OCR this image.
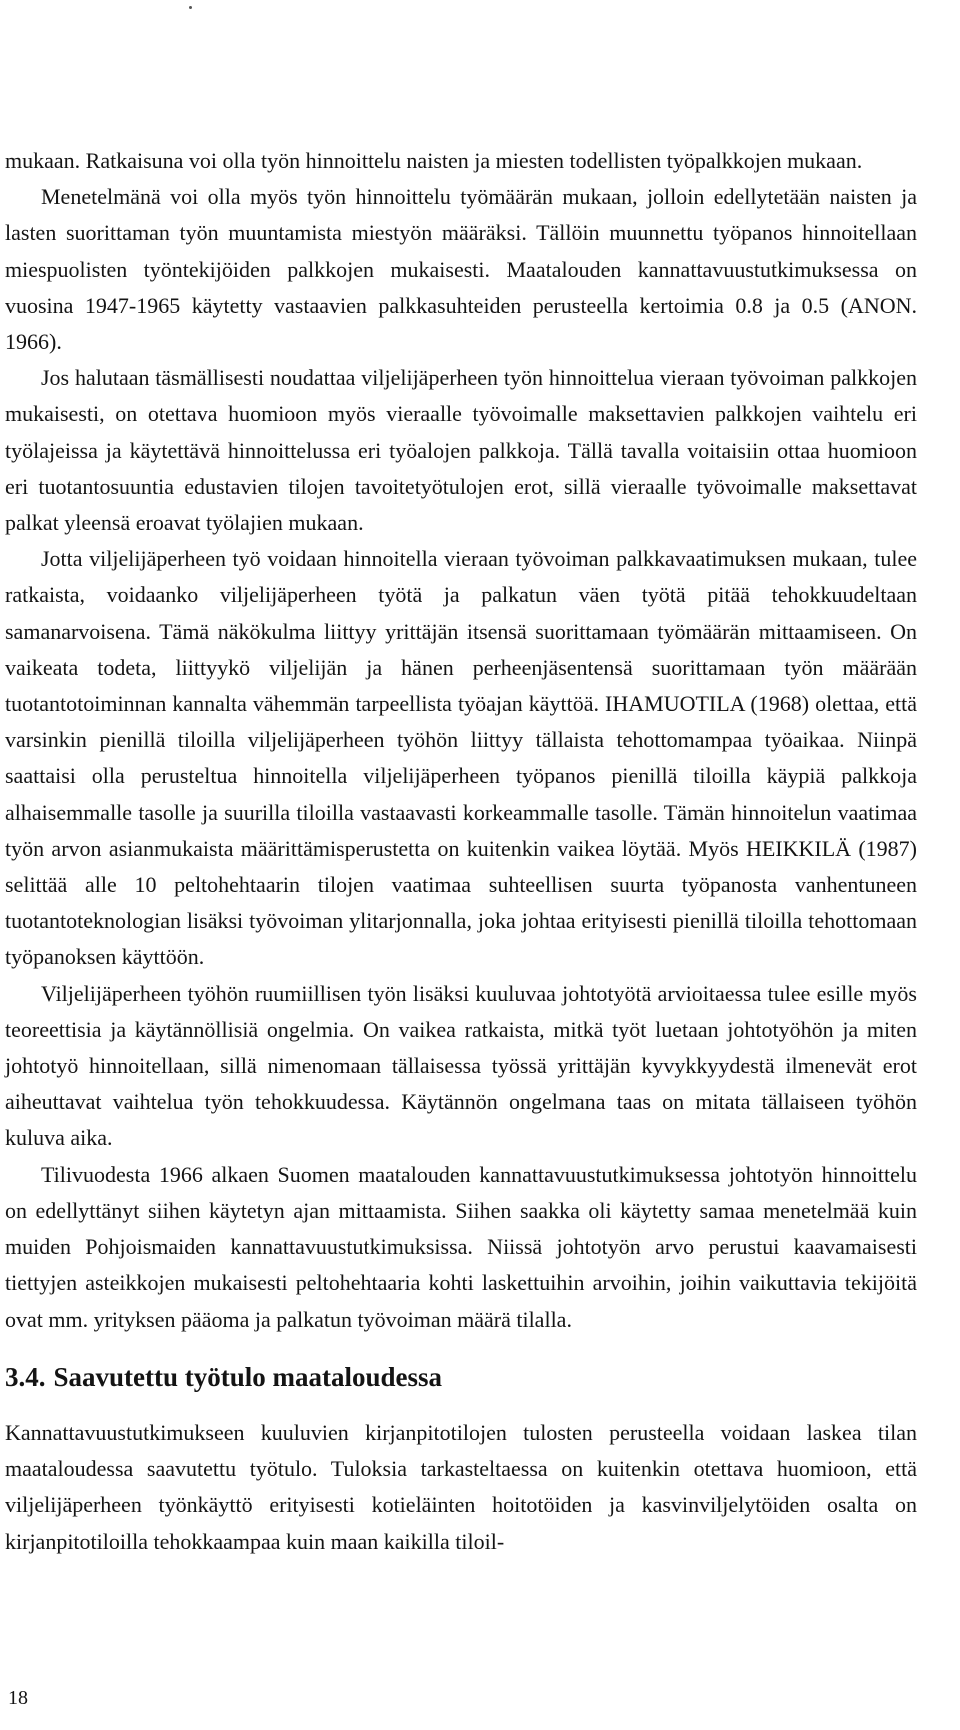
mukaan. Ratkaisuna voi olla työn hinnoittelu naisten ja miesten todellisten työpalkkojen mukaan.

Menetelmänä voi olla myös työn hinnoittelu työmäärän mukaan, jolloin edellytetään naisten ja lasten suorittaman työn muuntamista miestyön määräksi. Tällöin muunnettu työpanos hinnoitellaan miespuolisten työntekijöiden palkkojen mukaisesti. Maatalouden kannattavuustutkimuksessa on vuosina 1947-1965 käytetty vastaavien palkkasuhteiden perusteella kertoimia 0.8 ja 0.5 (ANON. 1966).

Jos halutaan täsmällisesti noudattaa viljelijäperheen työn hinnoittelua vieraan työvoiman palkkojen mukaisesti, on otettava huomioon myös vieraalle työvoimalle maksettavien palkkojen vaihtelu eri työlajeissa ja käytettävä hinnoittelussa eri työalojen palkkoja. Tällä tavalla voitaisiin ottaa huomioon eri tuotantosuuntia edustavien tilojen tavoitetyötulojen erot, sillä vieraalle työvoimalle maksettavat palkat yleensä eroavat työlajien mukaan.

Jotta viljelijäperheen työ voidaan hinnoitella vieraan työvoiman palkkavaatimuksen mukaan, tulee ratkaista, voidaanko viljelijäperheen työtä ja palkatun väen työtä pitää tehokkuudeltaan samanarvoisena. Tämä näkökulma liittyy yrittäjän itsensä suorittamaan työmäärän mittaamiseen. On vaikeata todeta, liittyykö viljelijän ja hänen perheenjäsentensä suorittamaan työn määrään tuotantotoiminnan kannalta vähemmän tarpeellista työajan käyttöä. IHAMUOTILA (1968) olettaa, että varsinkin pienillä tiloilla viljelijäperheen työhön liittyy tällaista tehottomampaa työaikaa. Niinpä saattaisi olla perusteltua hinnoitella viljelijäperheen työpanos pienillä tiloilla käypiä palkkoja alhaisemmalle tasolle ja suurilla tiloilla vastaavasti korkeammalle tasolle. Tämän hinnoitelun vaatimaa työn arvon asianmukaista määrittämisperustetta on kuitenkin vaikea löytää. Myös HEIKKILÄ (1987) selittää alle 10 peltohehtaarin tilojen vaatimaa suhteellisen suurta työpanosta vanhentuneen tuotantoteknologian lisäksi työvoiman ylitarjonnalla, joka johtaa erityisesti pienillä tiloilla tehottomaan työpanoksen käyttöön.

Viljelijäperheen työhön ruumiillisen työn lisäksi kuuluvaa johtotyötä arvioitaessa tulee esille myös teoreettisia ja käytännöllisiä ongelmia. On vaikea ratkaista, mitkä työt luetaan johtotyöhön ja miten johtotyö hinnoitellaan, sillä nimenomaan tällaisessa työssä yrittäjän kyvykkyydestä ilmenevät erot aiheuttavat vaihtelua työn tehokkuudessa. Käytännön ongelmana taas on mitata tällaiseen työhön kuluva aika.

Tilivuodesta 1966 alkaen Suomen maatalouden kannattavuustutkimuksessa johtotyön hinnoittelu on edellyttänyt siihen käytetyn ajan mittaamista. Siihen saakka oli käytetty samaa menetelmää kuin muiden Pohjoismaiden kannattavuustutkimuksissa. Niissä johtotyön arvo perustui kaavamaisesti tiettyjen asteikkojen mukaisesti peltohehtaaria kohti laskettuihin arvoihin, joihin vaikuttavia tekijöitä ovat mm. yrityksen pääoma ja palkatun työvoiman määrä tilalla.

3.4. Saavutettu työtulo maataloudessa

Kannattavuustutkimukseen kuuluvien kirjanpitotilojen tulosten perusteella voidaan laskea tilan maataloudessa saavutettu työtulo. Tuloksia tarkasteltaessa on kuitenkin otettava huomioon, että viljelijäperheen työnkäyttö erityisesti kotieläinten hoitotöiden ja kasvinviljelytöiden osalta on kirjanpitotiloilla tehokkaampaa kuin maan kaikilla tiloil-

18
